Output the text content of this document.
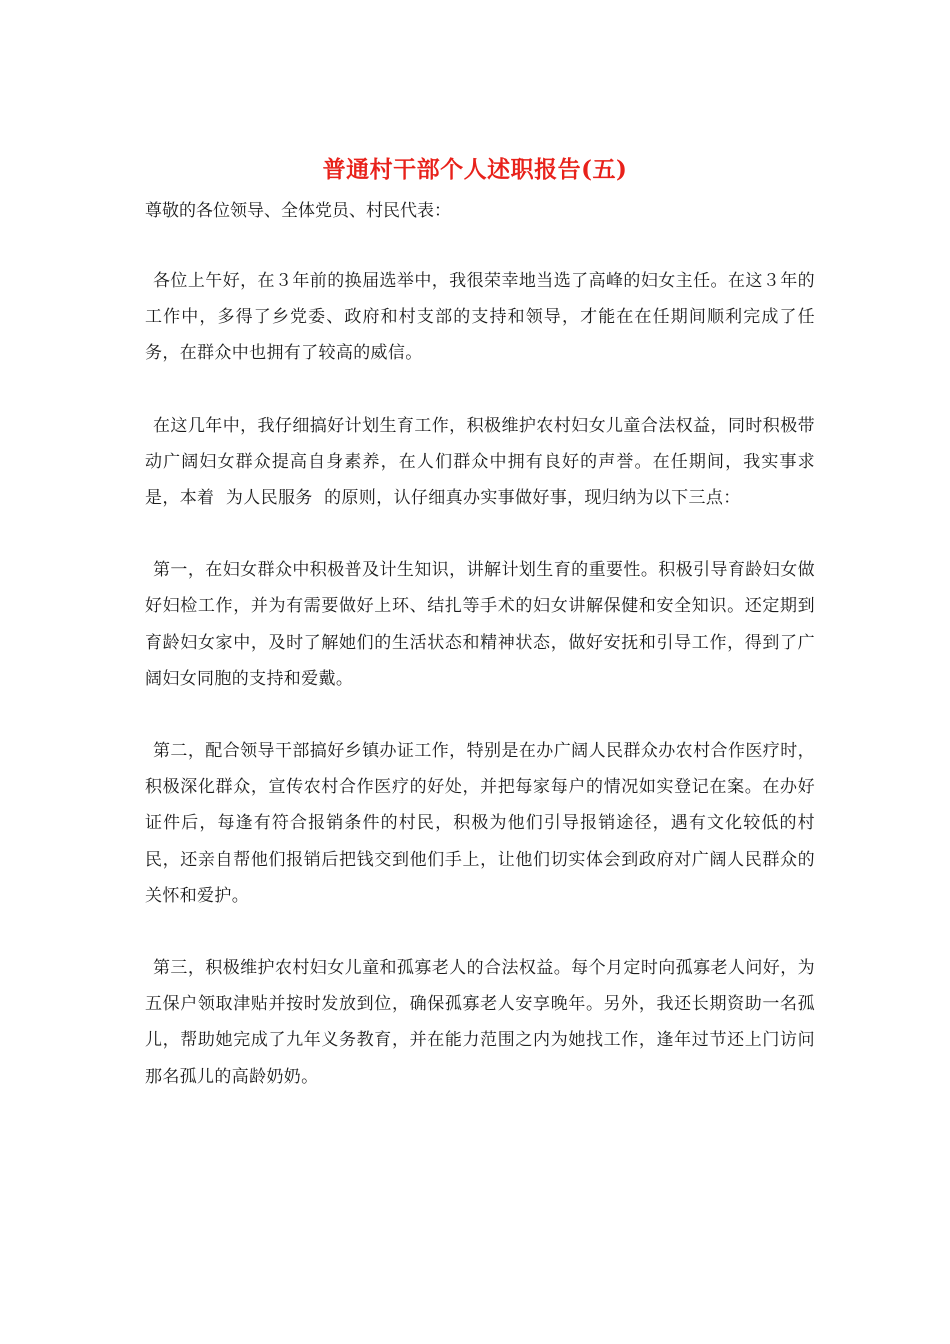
普通村干部个人述职报告(五)
尊敬的各位领导、全体党员、村民代表：

各位上午好，在３年前的换届选举中，我很荣幸地当选了高峰的妇女主任。在这３年的工作中，多得了乡党委、政府和村支部的支持和领导，才能在在任期间顺利完成了任务，在群众中也拥有了较高的威信。

在这几年中，我仔细搞好计划生育工作，积极维护农村妇女儿童合法权益，同时积极带动广阔妇女群众提高自身素养，在人们群众中拥有良好的声誉。在任期间，我实事求是，本着  为人民服务  的原则，认仔细真办实事做好事，现归纳为以下三点：

第一，在妇女群众中积极普及计生知识，讲解计划生育的重要性。积极引导育龄妇女做好妇检工作，并为有需要做好上环、结扎等手术的妇女讲解保健和安全知识。还定期到育龄妇女家中，及时了解她们的生活状态和精神状态，做好安抚和引导工作，得到了广阔妇女同胞的支持和爱戴。

第二，配合领导干部搞好乡镇办证工作，特别是在办广阔人民群众办农村合作医疗时，积极深化群众，宣传农村合作医疗的好处，并把每家每户的情况如实登记在案。在办好证件后，每逢有符合报销条件的村民，积极为他们引导报销途径，遇有文化较低的村民，还亲自帮他们报销后把钱交到他们手上，让他们切实体会到政府对广阔人民群众的关怀和爱护。

第三，积极维护农村妇女儿童和孤寡老人的合法权益。每个月定时向孤寡老人问好，为五保户领取津贴并按时发放到位，确保孤寡老人安享晚年。另外，我还长期资助一名孤儿，帮助她完成了九年义务教育，并在能力范围之内为她找工作，逢年过节还上门访问那名孤儿的高龄奶奶。
